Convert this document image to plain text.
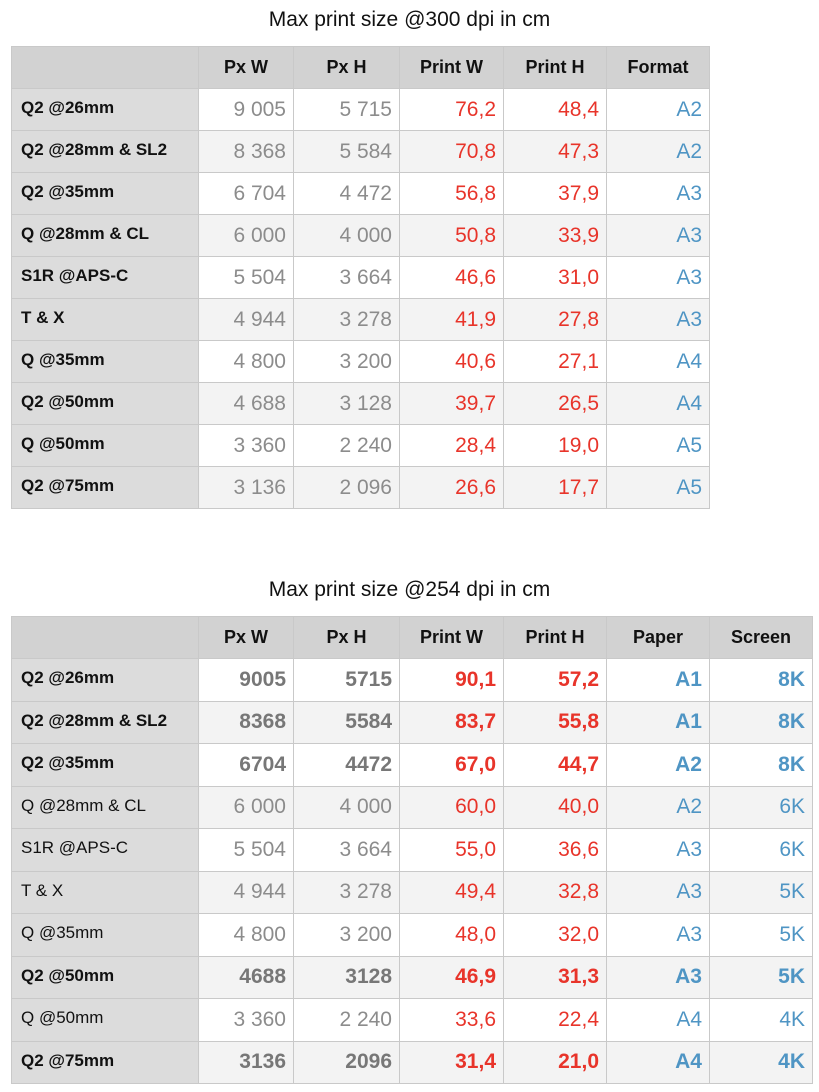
Max print size @300 dpi in cm
	Px W	Px H	Print W	Print H	Format
Q2 @26mm	9 005	5 715	76,2	48,4	A2
Q2 @28mm & SL2	8 368	5 584	70,8	47,3	A2
Q2 @35mm	6 704	4 472	56,8	37,9	A3
Q @28mm & CL	6 000	4 000	50,8	33,9	A3
S1R @APS-C	5 504	3 664	46,6	31,0	A3
T & X	4 944	3 278	41,9	27,8	A3
Q @35mm	4 800	3 200	40,6	27,1	A4
Q2 @50mm	4 688	3 128	39,7	26,5	A4
Q @50mm	3 360	2 240	28,4	19,0	A5
Q2 @75mm	3 136	2 096	26,6	17,7	A5
Max print size @254 dpi in cm
	Px W	Px H	Print W	Print H	Paper	Screen
Q2 @26mm	9005	5715	90,1	57,2	A1	8K
Q2 @28mm & SL2	8368	5584	83,7	55,8	A1	8K
Q2 @35mm	6704	4472	67,0	44,7	A2	8K
Q @28mm & CL	6 000	4 000	60,0	40,0	A2	6K
S1R @APS-C	5 504	3 664	55,0	36,6	A3	6K
T & X	4 944	3 278	49,4	32,8	A3	5K
Q @35mm	4 800	3 200	48,0	32,0	A3	5K
Q2 @50mm	4688	3128	46,9	31,3	A3	5K
Q @50mm	3 360	2 240	33,6	22,4	A4	4K
Q2 @75mm	3136	2096	31,4	21,0	A4	4K
